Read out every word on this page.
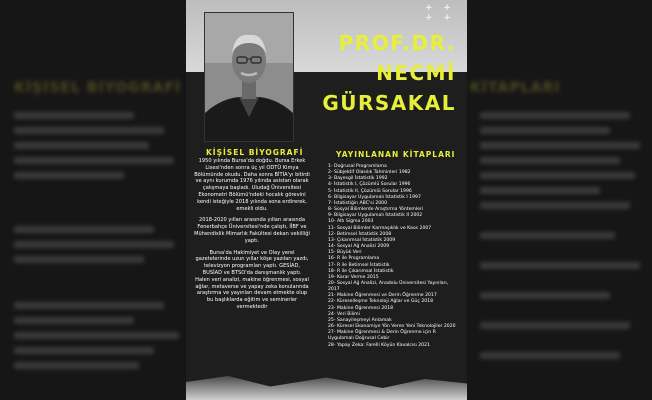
KİŞİSEL BİYOGRAFİ	KİTAPLARI
+ + + +
PROF.DR.
NECMİ
GÜRSAKAL
KİŞİSEL BİYOGRAFİ	YAYINLANAN KİTAPLARI

1950 yılında Bursa'da doğdu. Bursa Erkek Lisesi'nden sonra üç yıl ODTÜ Kimya Bölümünde okudu. Daha sonra BİTİA'yı bitirdi ve aynı kurumda 1976 yılında asistan olarak çalışmaya başladı. Uludağ Üniversitesi Ekonometri Bölümü'ndeki hocalık görevini kendi isteğiyle 2018 yılında sona erdirerek, emekli oldu.

2018-2020 yılları arasında yılları arasında Fenerbahçe Üniversitesi'nde çalıştı, İİBF ve Mühendislik Mimarlık Fakültesi dekan vekilliği yaptı.

Bursa'da Hakimiyet ve Olay yerel gazetelerinde uzun yıllar köşe yazıları yazdı, televizyon programları yaptı. GESİAD, BUSİAD ve BTSO'da danışmanlık yaptı.
Halen veri analizi, makine öğrenmesi, sosyal ağlar, metaverse ve yapay zeka konularında araştırma ve yayınları devam etmekte olup bu başlıklarda eğitim ve seminerler vermektedir

1- Doğrusal Programlama
2- Sübjektif Olasılık Tahminleri 1982
3- Bayesgil İstatistik 1992
4- İstatistik I, Çözümlü Sorular 1996
5- İstatistik II, Çözümlü Sorular 1996
6- Bilgisayar Uygulamalı İstatistik I 1997
7- İstatistiğin ABC'si 2000
8- Sosyal Bilimlerde Araştırma Yöntemleri
9- Bilgisayar Uygulamalı İstatistik II 2002
10- Altı Sigma 2003
11- Sosyal Bilimler Karmaşıklık ve Kaos 2007
12- Betimsel İstatistik 2008
13- Çıkarımsal İstatistik 2009
14- Sosyal Ağ Analizi 2009
15- Büyük Veri
16- R ile Programlama
17- R ile Betimsel İstatistik
18- R ile Çıkarımsal İstatistik
19- Karar Verme 2015
20- Sosyal Ağ Analizi, Anadolu Üniversitesi Yayınları, 2017
21- Makine Öğrenmesi ve Derin Öğrenme 2017
22- Küreselleşme Teknoloji Ağlar ve Güç 2018
23- Makine Öğrenmesi 2018
24- Veri Bilimi
25- Sanayileşmeyi Anlamak
26- Küresel Ekonomiye Yön Veren Yeni Teknolojiler 2020
27- Makine Öğrenmesi & Derin Öğrenme için R Uygulamalı Doğrusal Cebir
28- Yapay Zeka: Farelli Köyün Kavalcısı 2021
